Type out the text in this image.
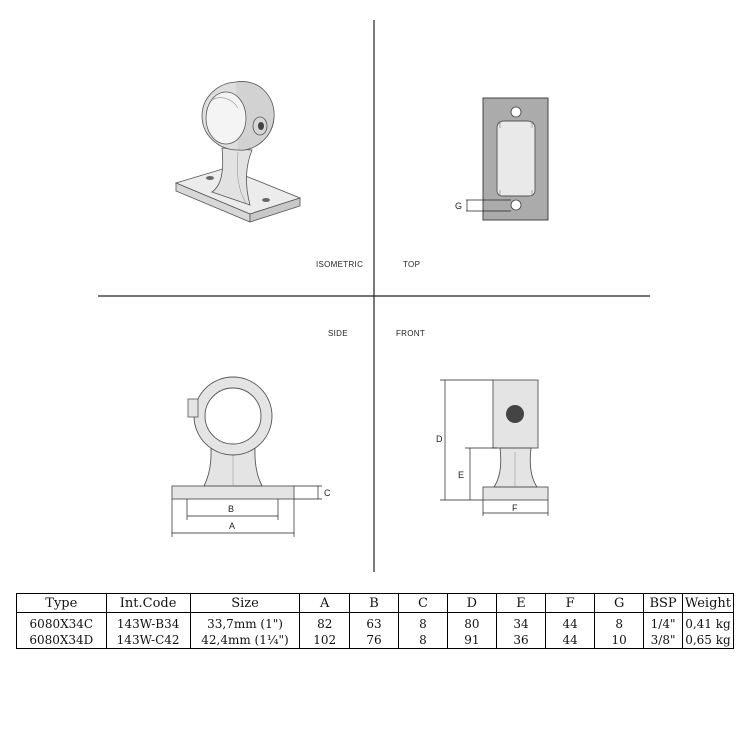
G
C
B
A
D
E
F
ISOMETRIC	TOP
SIDE	FRONT
Type	Int.Code	Size	A	B	C	D	E	F	G	BSP	Weight
6080X34C	143W-B34	33,7mm (1")	82	63	8	80	34	44	8	1/4"	0,41 kg
6080X34D	143W-C42	42,4mm (1¼")	102	76	8	91	36	44	10	3/8"	0,65 kg
